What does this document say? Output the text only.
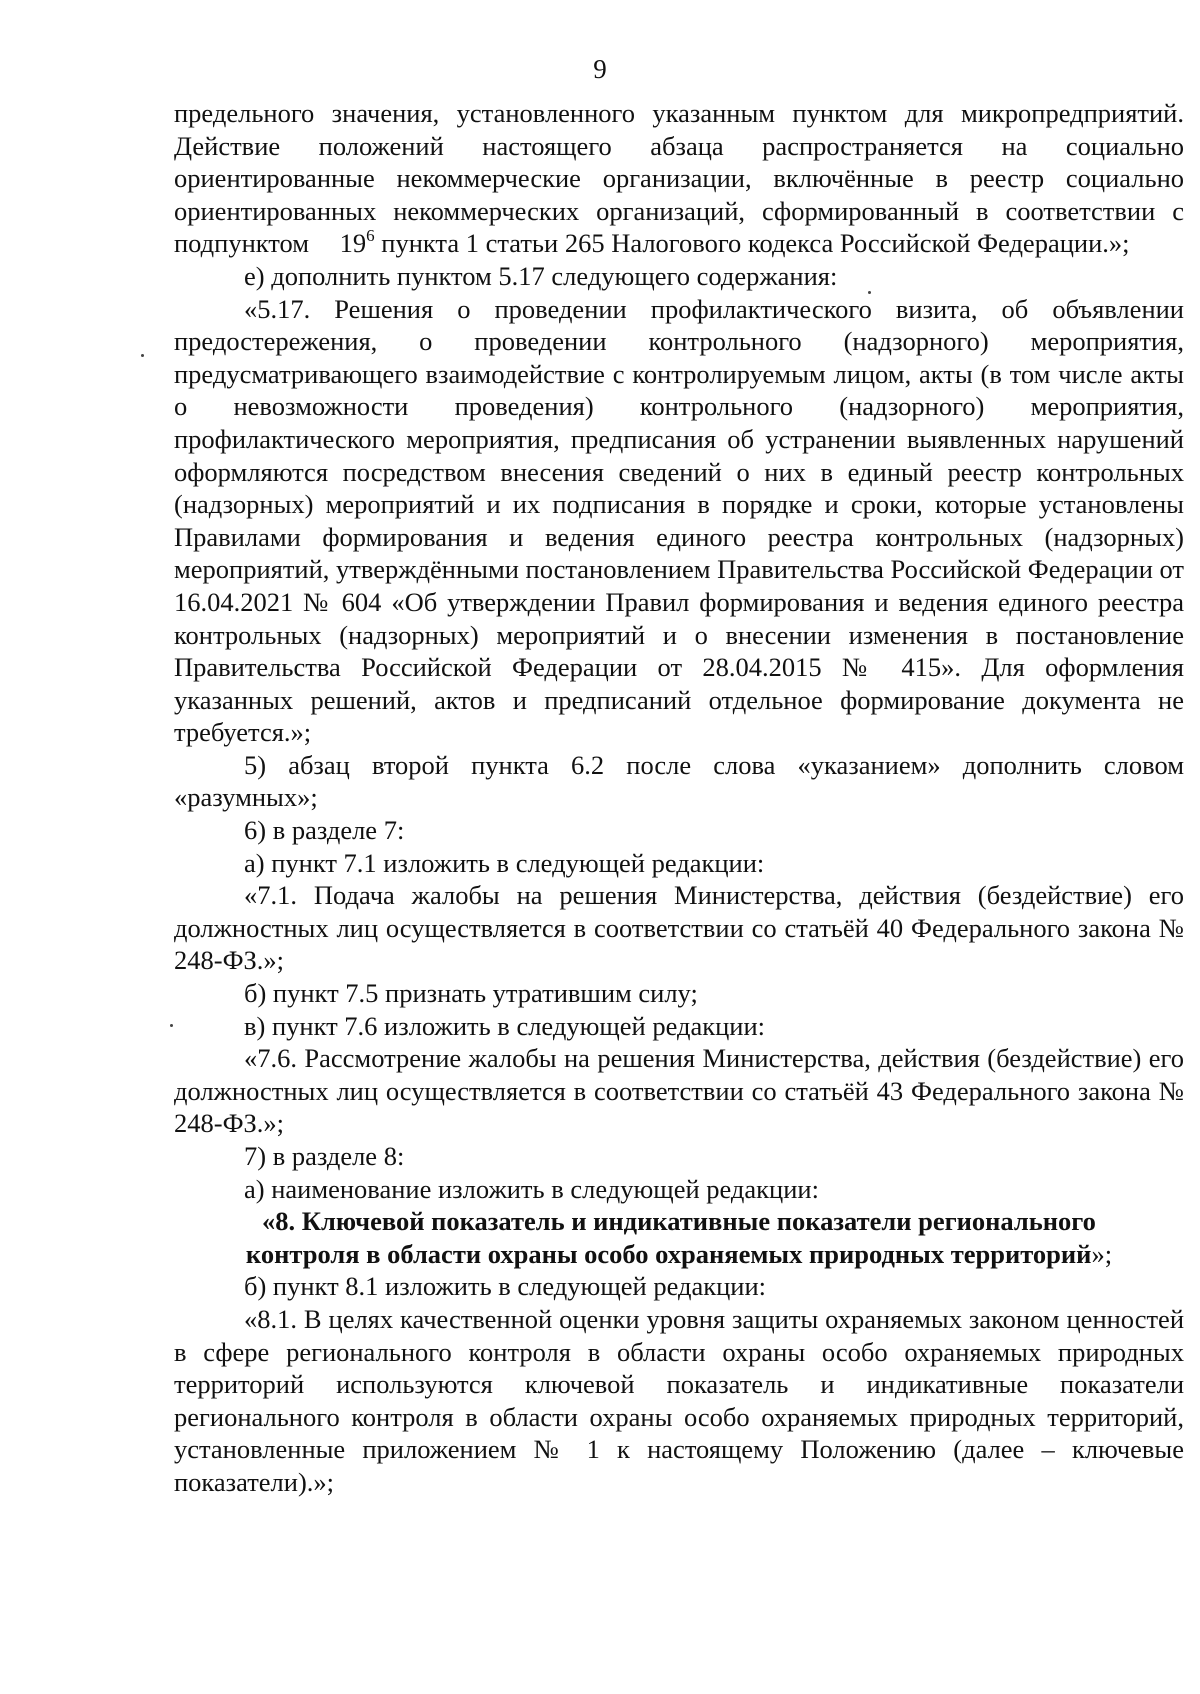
9

предельного значения, установленного указанным пунктом для микропредприятий. Действие положений настоящего абзаца распространяется на социально ориентированные некоммерческие организации, включённые в реестр социально ориентированных некоммерческих организаций, сформированный в соответствии с подпунктом $19^6$ пункта 1 статьи 265 Налогового кодекса Российской Федерации.»;

е) дополнить пунктом 5.17 следующего содержания:

«5.17. Решения о проведении профилактического визита, об объявлении предостережения, о проведении контрольного (надзорного) мероприятия, предусматривающего взаимодействие с контролируемым лицом, акты (в том числе акты о невозможности проведения) контрольного (надзорного) мероприятия, профилактического мероприятия, предписания об устранении выявленных нарушений оформляются посредством внесения сведений о них в единый реестр контрольных (надзорных) мероприятий и их подписания в порядке и сроки, которые установлены Правилами формирования и ведения единого реестра контрольных (надзорных) мероприятий, утверждёнными постановлением Правительства Российской Федерации от 16.04.2021 № 604 «Об утверждении Правил формирования и ведения единого реестра контрольных (надзорных) мероприятий и о внесении изменения в постановление Правительства Российской Федерации от 28.04.2015 № 415». Для оформления указанных решений, актов и предписаний отдельное формирование документа не требуется.»;

5) абзац второй пункта 6.2 после слова «указанием» дополнить словом «разумных»;

6) в разделе 7:

а) пункт 7.1 изложить в следующей редакции:

«7.1. Подача жалобы на решения Министерства, действия (бездействие) его должностных лиц осуществляется в соответствии со статьёй 40 Федерального закона № 248-ФЗ.»;

б) пункт 7.5 признать утратившим силу;

в) пункт 7.6 изложить в следующей редакции:

«7.6. Рассмотрение жалобы на решения Министерства, действия (бездействие) его должностных лиц осуществляется в соответствии со статьёй 43 Федерального закона № 248-ФЗ.»;

7) в разделе 8:

а) наименование изложить в следующей редакции:

«8. Ключевой показатель и индикативные показатели регионального
контроля в области охраны особо охраняемых природных территорий»;

б) пункт 8.1 изложить в следующей редакции:

«8.1. В целях качественной оценки уровня защиты охраняемых законом ценностей в сфере регионального контроля в области охраны особо охраняемых природных территорий используются ключевой показатель и индикативные показатели регионального контроля в области охраны особо охраняемых природных территорий, установленные приложением № 1 к настоящему Положению (далее – ключевые показатели).»;
